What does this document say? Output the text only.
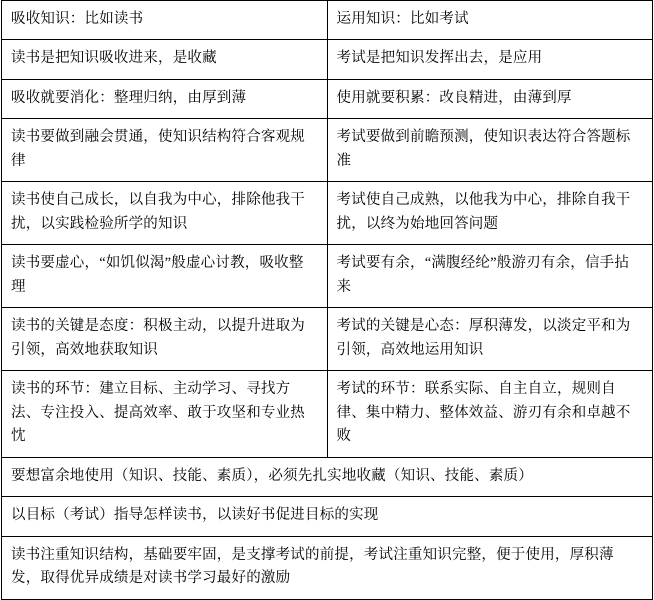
吸收知识：比如读书	运用知识：比如考试

读书是把知识吸收进来，是收藏	考试是把知识发挥出去，是应用

吸收就要消化：整理归纳，由厚到薄	使用就要积累：改良精进，由薄到厚

读书要做到融会贯通，使知识结构符合客观规律	考试要做到前瞻预测，使知识表达符合答题标准

读书使自己成长，以自我为中心，排除他我干扰，以实践检验所学的知识	考试使自己成熟，以他我为中心，排除自我干扰，以终为始地回答问题

读书要虚心，“如饥似渴”般虚心讨教，吸收整理	考试要有余，“满腹经纶”般游刃有余，信手拈来

读书的关键是态度：积极主动，以提升进取为引领，高效地获取知识	考试的关键是心态：厚积薄发，以淡定平和为引领，高效地运用知识

读书的环节：建立目标、主动学习、寻找方法、专注投入、提高效率、敢于攻坚和专业热忱	考试的环节：联系实际、自主自立，规则自律、集中精力、整体效益、游刃有余和卓越不败

要想富余地使用（知识、技能、素质），必须先扎实地收藏（知识、技能、素质）	

以目标（考试）指导怎样读书，以读好书促进目标的实现	

读书注重知识结构，基础要牢固，是支撑考试的前提，考试注重知识完整，便于使用，厚积薄发，取得优异成绩是对读书学习最好的激励	
